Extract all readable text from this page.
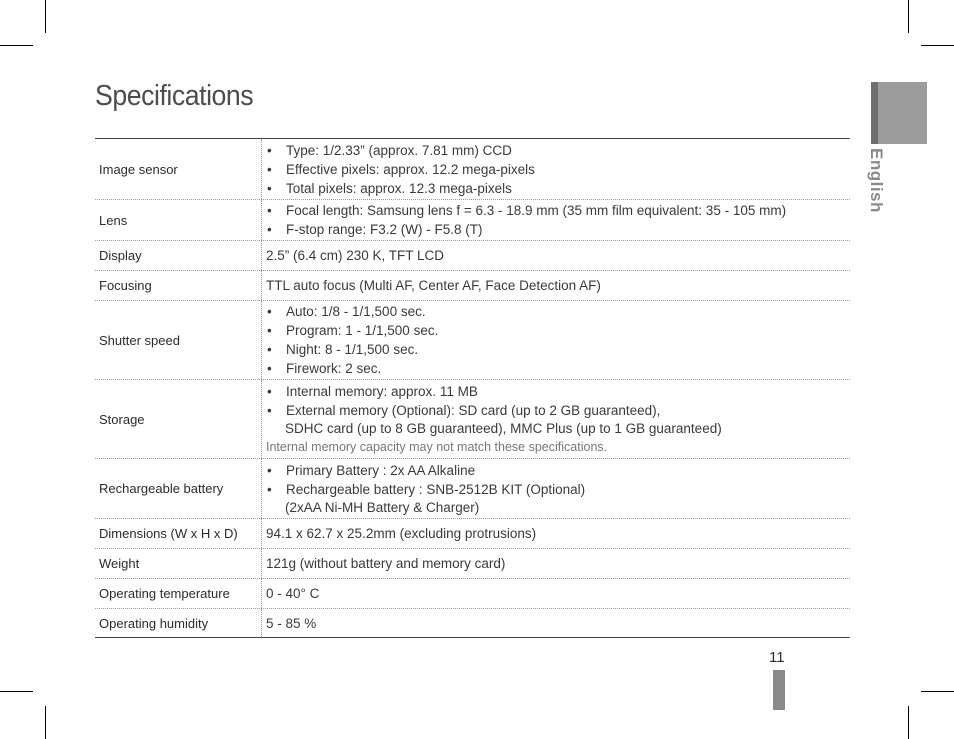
Specifications
English
Image sensor
•	Type: 1/2.33” (approx. 7.81 mm) CCD
•	Effective pixels: approx. 12.2 mega-pixels
•	Total pixels: approx. 12.3 mega-pixels
Lens
•	Focal length: Samsung lens f = 6.3 - 18.9 mm (35 mm film equivalent: 35 - 105 mm)
•	F-stop range: F3.2 (W) - F5.8 (T)
Display	2.5” (6.4 cm) 230 K, TFT LCD
Focusing	TTL auto focus (Multi AF, Center AF, Face Detection AF)
Shutter speed
•	Auto: 1/8 - 1/1,500 sec.
•	Program: 1 - 1/1,500 sec.
•	Night: 8 - 1/1,500 sec.
•	Firework: 2 sec.
Storage
•	Internal memory: approx. 11 MB
•	External memory (Optional): SD card (up to 2 GB guaranteed),
SDHC card (up to 8 GB guaranteed), MMC Plus (up to 1 GB guaranteed)
Internal memory capacity may not match these specifications.
Rechargeable battery
•	Primary Battery : 2x AA Alkaline
•	Rechargeable battery : SNB-2512B KIT (Optional)
(2xAA Ni-MH Battery & Charger)
Dimensions (W x H x D)	94.1 x 62.7 x 25.2mm (excluding protrusions)
Weight	121g (without battery and memory card)
Operating temperature	0 - 40° C
Operating humidity	5 - 85 %
11
